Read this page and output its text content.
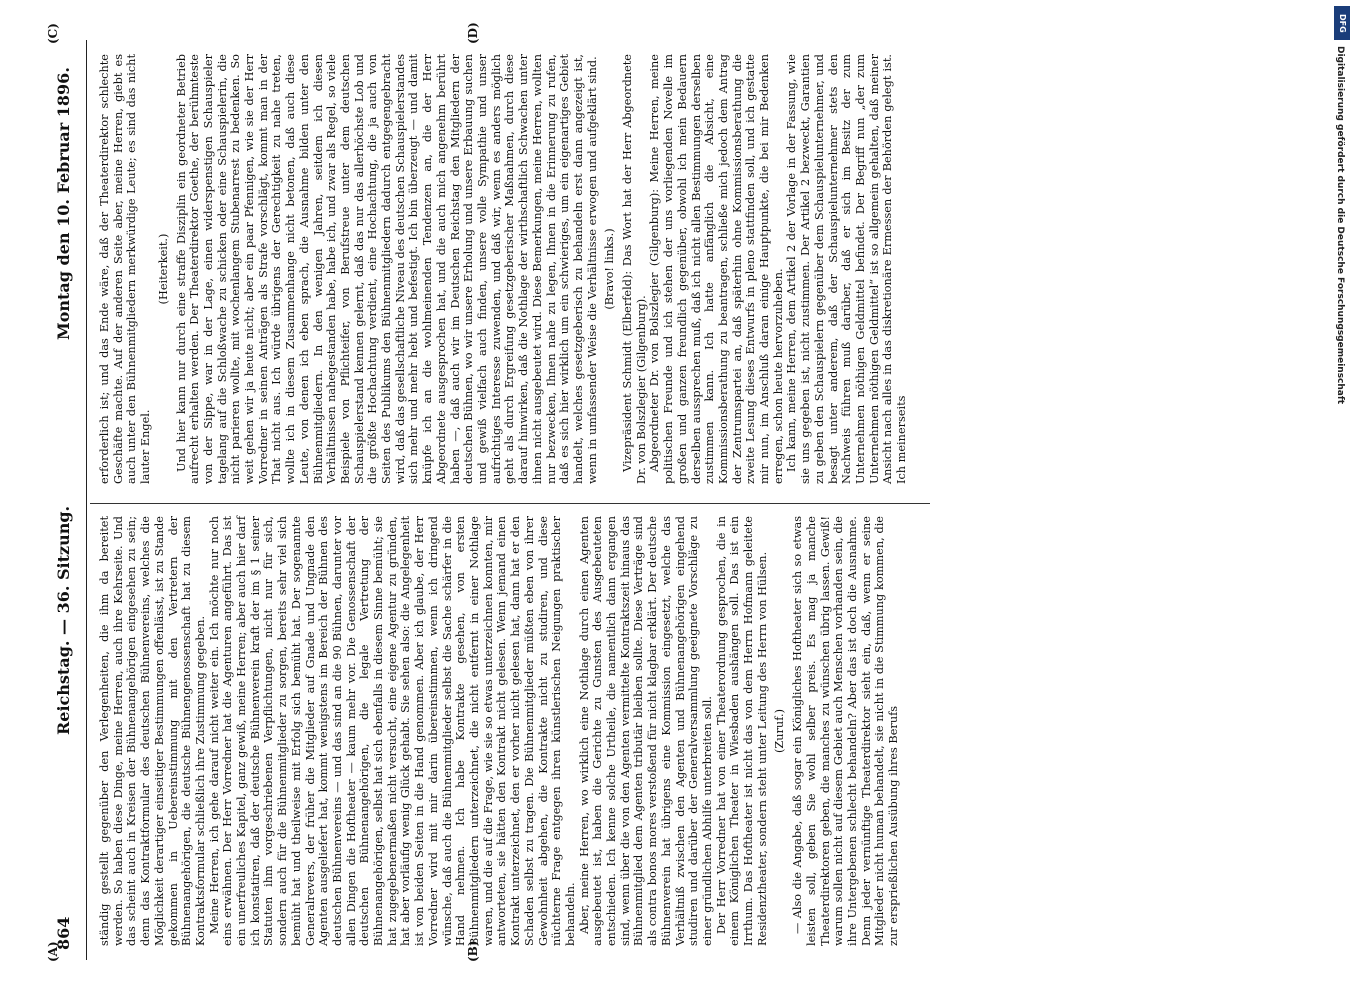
864
Reichstag. — 36. Sitzung.
Montag den 10. Februar 1896.
(A)	(B)
(C)	(D)

ständig gestellt gegenüber den Verlegenheiten, die ihm da bereitet werden. So haben diese Dinge, meine Herren, auch ihre Kehrseite. Und das scheint auch in Kreisen der Bühnenangehörigen eingesehen zu sein; denn das Kontraktformular des deutschen Bühnenvereins, welches die Möglichkeit derartiger einseitiger Bestimmungen offenlässt, ist zu Stande gekommen in Uebereinstimmung mit den Vertretern der Bühnenangehörigen, die deutsche Bühnengenossenschaft hat zu diesem Kontraktsformular schließlich ihre Zustimmung gegeben. Meine Herren, ich gehe darauf nicht weiter ein. Ich möchte nur noch eins erwähnen. Der Herr Vorredner hat die Agenturen angeführt. Das ist ein unerfreuliches Kapitel, ganz gewiß, meine Herren; aber auch hier darf ich konstatiren, daß der deutsche Bühnenverein kraft der im § 1 seiner Statuten ihm vorgeschriebenen Verpflichtungen, nicht nur für sich, sondern auch für die Bühnenmitglieder zu sorgen, bereits sehr viel sich bemüht hat und theilweise mit Erfolg sich bemüht hat. Der sogenannte Generalrevers, der früher die Mitglieder auf Gnade und Ungnade den Agenten ausgeliefert hat, kommt wenigstens im Bereich der Bühnen des deutschen Bühnenvereins — und das sind an die 90 Bühnen, darunter vor allen Dingen die Hoftheater — kaum mehr vor. Die Genossenschaft der deutschen Bühnenangehörigen, die legale Vertretung der Bühnenangehörigen, selbst hat sich ebenfalls in diesem Sinne bemüht; sie hat zugegebenermaßen nicht versucht, eine eigene Agentur zu gründen, hat aber vorläufig wenig Glück gehabt. Sie sehen also: die Angelegenheit ist von beiden Seiten in die Hand genommen. Aber ich glaube, der Herr Vorredner wird mit mir darin übereinstimmen, wenn ich dringend wünsche, daß auch die Bühnenmitglieder selbst die Sache schärfer in die Hand nehmen. Ich habe Kontrakte gesehen, von ersten Bühnenmitgliedern unterzeichnet, die nicht entfernt in einer Nothlage waren, und die auf die Frage, wie sie so etwas unterzeichnen konnten, mir antworteten, sie hätten den Kontrakt nicht gelesen. Wenn jemand einen Kontrakt unterzeichnet, den er vorher nicht gelesen hat, dann hat er den Schaden selbst zu tragen. Die Bühnenmitglieder müßten eben von ihrer Gewohnheit abgehen, die Kontrakte nicht zu studiren, und diese nüchterne Frage entgegen ihren künstlerischen Neigungen praktischer behandeln. Aber, meine Herren, wo wirklich eine Nothlage durch einen Agenten ausgebeutet ist, haben die Gerichte zu Gunsten des Ausgebeuteten entschieden. Ich kenne solche Urtheile, die namentlich dann ergangen sind, wenn über die von den Agenten vermittelte Kontraktszeit hinaus das Bühnenmitglied dem Agenten tributär bleiben sollte. Diese Verträge sind als contra bonos mores verstoßend für nicht klagbar erklärt. Der deutsche Bühnenverein hat übrigens eine Kommission eingesetzt, welche das Verhältniß zwischen den Agenten und Bühnenangehörigen eingehend studiren und darüber der Generalversammlung geeignete Vorschläge zu einer gründlichen Abhilfe unterbreiten soll. Der Herr Vorredner hat von einer Theaterordnung gesprochen, die in einem Königlichen Theater in Wiesbaden aushängen soll. Das ist ein Irrthum. Das Hoftheater ist nicht das von dem Herrn Hofmann geleitete Residenztheater, sondern steht unter Leitung des Herrn von Hülsen. (Zuruf.) — Also die Angabe, daß sogar ein Königliches Hoftheater sich so etwas leisten soll, geben Sie wohl selber preis. Es mag ja manche Theaterdirektoren geben, die manches zu wünschen übrig lassen. Gewiß! warum sollen nicht auf diesem Gebiet auch Menschen vorhanden sein, die ihre Untergebenen schlecht behandeln? Aber das ist doch die Ausnahme. Denn jeder vernünftige Theaterdirektor sieht ein, daß, wenn er seine Mitglieder nicht human behandelt, sie nicht in die Stimmung kommen, die zur ersprießlichen Ausübung ihres Berufs

erforderlich ist; und das Ende wäre, daß der Theaterdirektor schlechte Geschäfte machte. Auf der anderen Seite aber, meine Herren, giebt es auch unter den Bühnenmitgliedern merkwürdige Leute; es sind das nicht lauter Engel.

(Heiterkeit.) Und hier kann nur durch eine straffe Disziplin ein geordneter Betrieb aufrecht erhalten werden. Der Theaterdirektor Goethe, der berühmteste von der Sippe, war in der Lage, einen widerspenstigen Schauspieler tagelang auf die Schloßwache zu schicken oder eine Schauspielerin, die nicht parieren wollte, mit wochenlangem Stubenarrest zu bedenken. So weit gehen wir ja heute nicht; aber ein paar Pfennigen, wie sie der Herr Vorredner in seinen Anträgen als Strafe vorschlägt, kommt man in der That nicht aus. Ich würde übrigens der Gerechtigkeit zu nahe treten, wollte ich in diesem Zusammenhange nicht betonen, daß auch diese Leute, von denen ich eben sprach, die Ausnahme bilden unter den Bühnenmitgliedern. In den wenigen Jahren, seitdem ich diesen Verhältnissen nahegestanden habe, habe ich, und zwar als Regel, so viele Beispiele von Pflichteifer, von Berufstreue unter dem deutschen Schauspielerstand kennen gelernt, daß das nur das allerhöchste Lob und die größte Hochachtung verdient, eine Hochachtung, die ja auch von Seiten des Publikums den Bühnenmitgliedern dadurch entgegengebracht wird, daß das gesellschaftliche Niveau des deutschen Schauspielerstandes sich mehr und mehr hebt und befestigt. Ich bin überzeugt — und damit knüpfe ich an die wohlmeinenden Tendenzen an, die der Herr Abgeordnete ausgesprochen hat, und die auch mich angenehm berührt haben —, daß auch wir im Deutschen Reichstag den Mitgliedern der deutschen Bühnen, wo wir unsere Erholung und unsere Erbauung suchen und gewiß vielfach auch finden, unsere volle Sympathie und unser aufrichtiges Interesse zuwenden, und daß wir, wenn es anders möglich geht als durch Ergreifung gesetzgeberischer Maßnahmen, durch diese darauf hinwirken, daß die Nothlage der wirthschaftlich Schwachen unter ihnen nicht ausgebeutet wird. Diese Bemerkungen, meine Herren, wollten nur bezwecken, Ihnen nahe zu legen, Ihnen in die Erinnerung zu rufen, daß es sich hier wirklich um ein schwieriges, um ein eigenartiges Gebiet handelt, welches gesetzgeberisch zu behandeln erst dann angezeigt ist, wenn in umfassender Weise die Verhältnisse erwogen und aufgeklärt sind. (Bravo! links.) Vizepräsident Schmidt (Elberfeld): Das Wort hat der Herr Abgeordnete Dr. von Bolszlegier (Gilgenburg). Abgeordneter Dr. von Bolszlegier (Gilgenburg): Meine Herren, meine politischen Freunde und ich stehen der uns vorliegenden Novelle im großen und ganzen freundlich gegenüber, obwohl ich mein Bedauern derselben aussprechen muß, daß ich nicht allen Bestimmungen derselben zustimmen kann. Ich hatte anfänglich die Absicht, eine Kommissionsberathung zu beantragen, schließe mich jedoch dem Antrag der Zentrumspartei an, daß späterhin ohne Kommissionsberathung die zweite Lesung dieses Entwurfs in pleno stattfinden soll, und ich gestatte mir nun, im Anschluß daran einige Hauptpunkte, die bei mir Bedenken erregen, schon heute hervorzuheben. Ich kann, meine Herren, dem Artikel 2 der Vorlage in der Fassung, wie sie uns gegeben ist, nicht zustimmen. Der Artikel 2 bezweckt, Garantien zu geben den Schauspielern gegenüber dem Schauspielunternehmer, und besagt unter anderem, daß der Schauspielunternehmer stets den Nachweis führen muß darüber, daß er sich im Besitz der zum Unternehmen nöthigen Geldmittel befindet. Der Begriff nun „der zum Unternehmen nöthigen Geldmittel“ ist so allgemein gehalten, daß meiner Ansicht nach alles in das diskretionäre Ermessen der Behörden gelegt ist. Ich meinerseits

DFG
Digitalisierung gefördert durch die Deutsche Forschungsgemeinschaft
